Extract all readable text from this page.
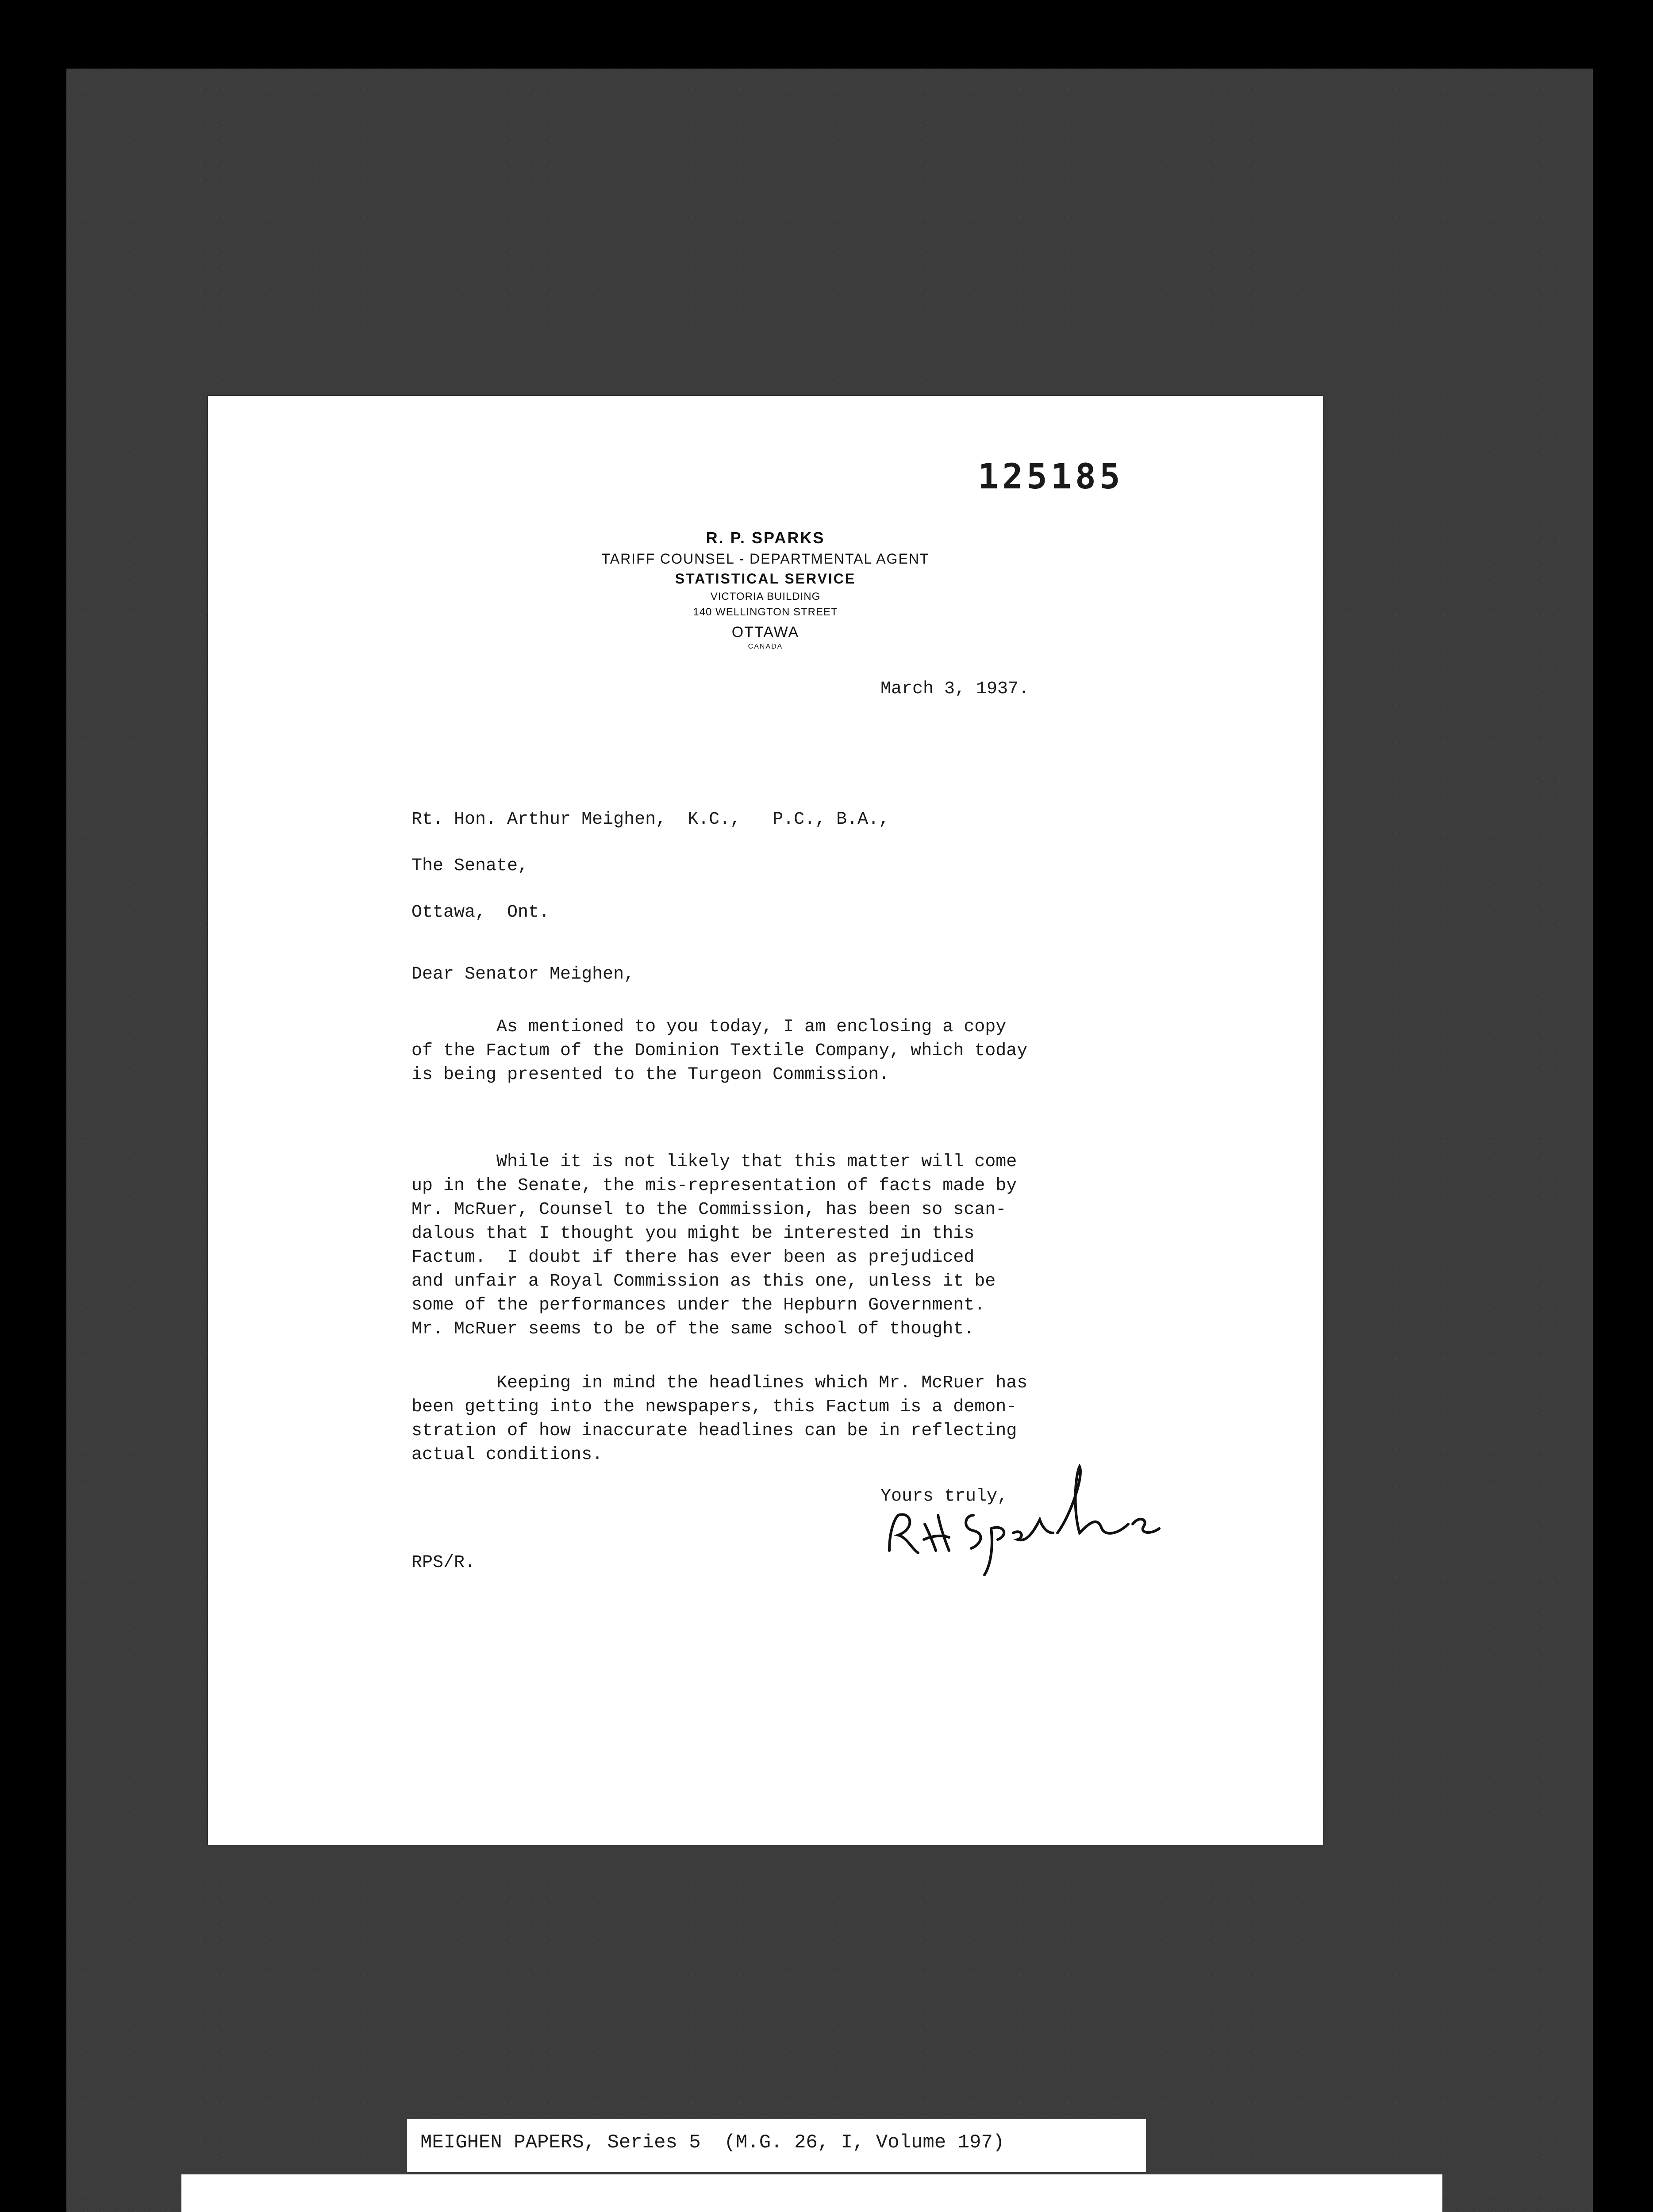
125185
R. P. SPARKS
TARIFF COUNSEL - DEPARTMENTAL AGENT
STATISTICAL SERVICE
VICTORIA BUILDING
140 WELLINGTON STREET
OTTAWA
CANADA
March 3, 1937.
Rt. Hon. Arthur Meighen,  K.C.,   P.C., B.A.,
The Senate,
Ottawa,  Ont.
Dear Senator Meighen,
As mentioned to you today, I am enclosing a copy
of the Factum of the Dominion Textile Company, which today
is being presented to the Turgeon Commission.
While it is not likely that this matter will come
up in the Senate, the mis-representation of facts made by
Mr. McRuer, Counsel to the Commission, has been so scan-
dalous that I thought you might be interested in this
Factum.  I doubt if there has ever been as prejudiced
and unfair a Royal Commission as this one, unless it be
some of the performances under the Hepburn Government.
Mr. McRuer seems to be of the same school of thought.
Keeping in mind the headlines which Mr. McRuer has
been getting into the newspapers, this Factum is a demon-
stration of how inaccurate headlines can be in reflecting
actual conditions.
Yours truly,
RPS/R.
MEIGHEN PAPERS, Series 5  (M.G. 26, I, Volume 197)
